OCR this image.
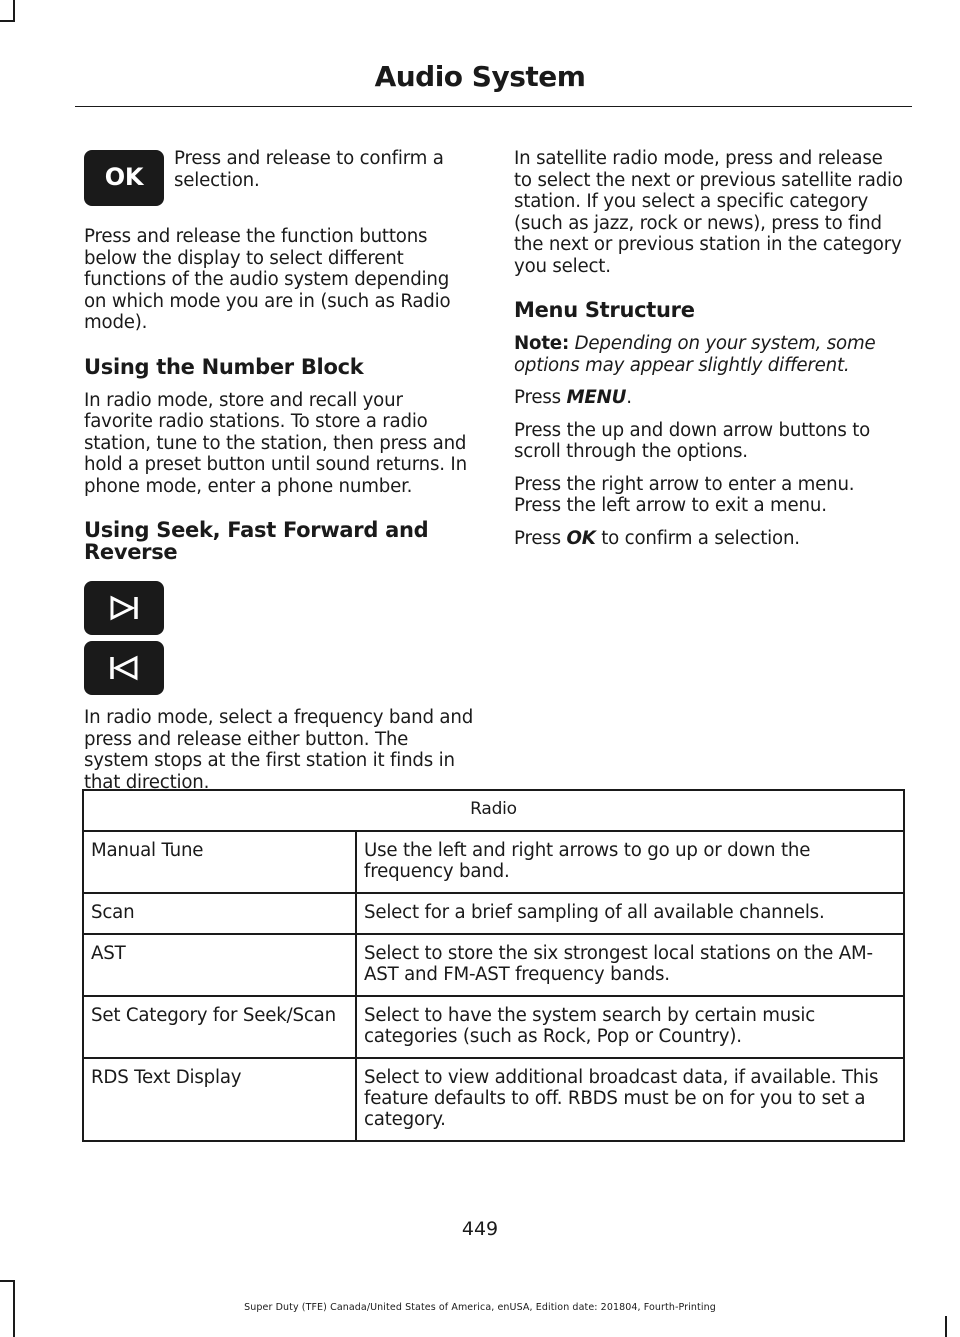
Audio System
OK
Press and release to confirm a selection.

Press and release the function buttons below the display to select different functions of the audio system depending on which mode you are in (such as Radio mode).

Using the Number Block

In radio mode, store and recall your favorite radio stations. To store a radio station, tune to the station, then press and hold a preset button until sound returns. In phone mode, enter a phone number.

Using Seek, Fast Forward and Reverse

In radio mode, select a frequency band and press and release either button. The system stops at the first station it finds in that direction.

In satellite radio mode, press and release to select the next or previous satellite radio station. If you select a specific category (such as jazz, rock or news), press to find the next or previous station in the category you select.

Menu Structure

Note: Depending on your system, some options may appear slightly different.

Press MENU.

Press the up and down arrow buttons to scroll through the options.

Press the right arrow to enter a menu. Press the left arrow to exit a menu.

Press OK to confirm a selection.

Radio	
Manual Tune	Use the left and right arrows to go up or down the frequency band.
Scan	Select for a brief sampling of all available channels.
AST	Select to store the six strongest local stations on the AM-AST and FM-AST frequency bands.
Set Category for Seek/Scan	Select to have the system search by certain music categories (such as Rock, Pop or Country).
RDS Text Display	Select to view additional broadcast data, if available. This feature defaults to off. RBDS must be on for you to set a category.
449
Super Duty (TFE) Canada/United States of America, enUSA, Edition date: 201804, Fourth-Printing
